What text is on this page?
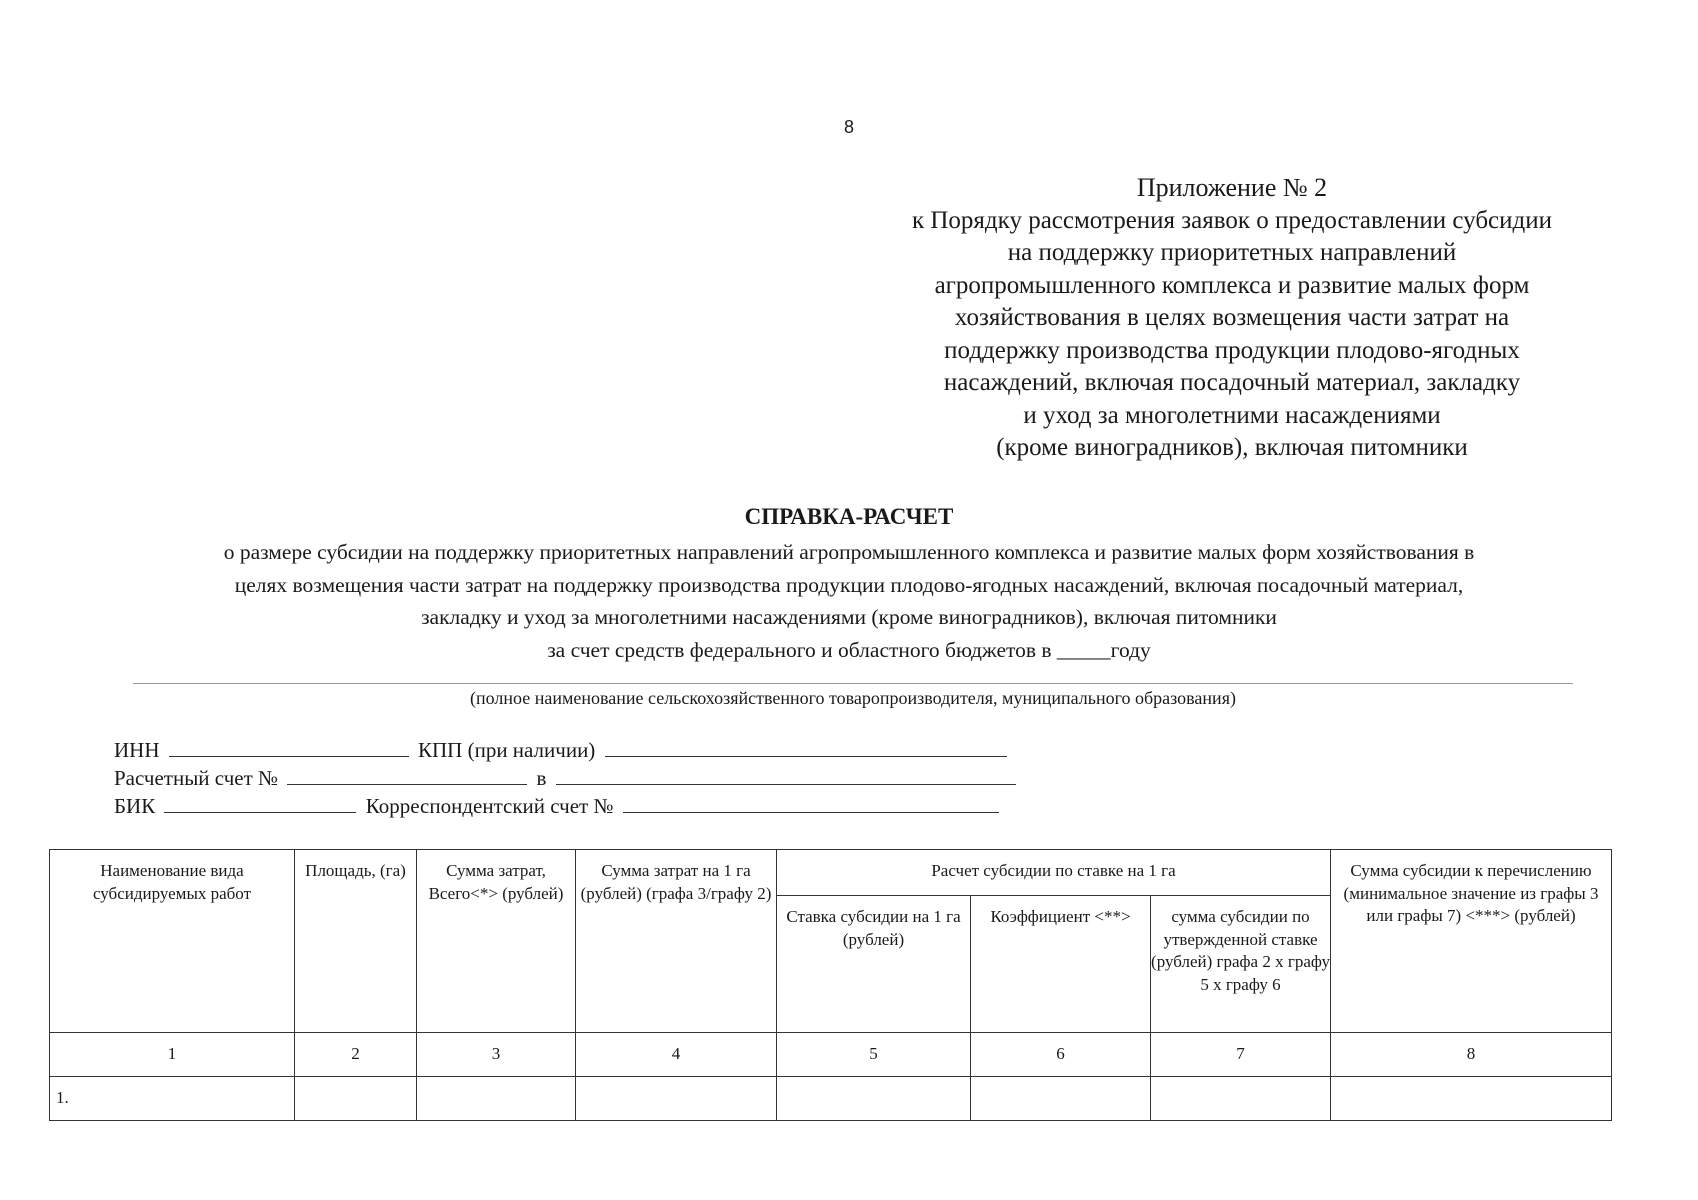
8
Приложение № 2
к Порядку рассмотрения заявок о предоставлении субсидии
на поддержку приоритетных направлений
агропромышленного комплекса и развитие малых форм
хозяйствования в целях возмещения части затрат на
поддержку производства продукции плодово-ягодных
насаждений, включая посадочный материал, закладку
и уход за многолетними насаждениями
(кроме виноградников), включая питомники
СПРАВКА-РАСЧЕТ
о размере субсидии на поддержку приоритетных направлений агропромышленного комплекса и развитие малых форм хозяйствования в
целях возмещения части затрат на поддержку производства продукции плодово-ягодных насаждений, включая посадочный материал,
закладку и уход за многолетними насаждениями (кроме виноградников), включая питомники
за счет средств федерального и областного бюджетов в _____году
(полное наименование сельскохозяйственного товаропроизводителя, муниципального образования)
ИНН	КПП (при наличии)
Расчетный счет №	в
БИК	Корреспондентский счет №
Наименование вида субсидируемых работ	Площадь, (га)	Сумма затрат, Всего<*> (рублей)	Сумма затрат на 1 га (рублей) (графа 3/графу 2)	Расчет субсидии по ставке на 1 га			Сумма субсидии к перечислению (минимальное значение из графы 3 или графы 7) <***> (рублей)
				Ставка субсидии на 1 га (рублей)	Коэффициент <**>	сумма субсидии по утвержденной ставке (рублей) графа 2 х графу 5 х графу 6	
1	2	3	4	5	6	7	8
1.							
